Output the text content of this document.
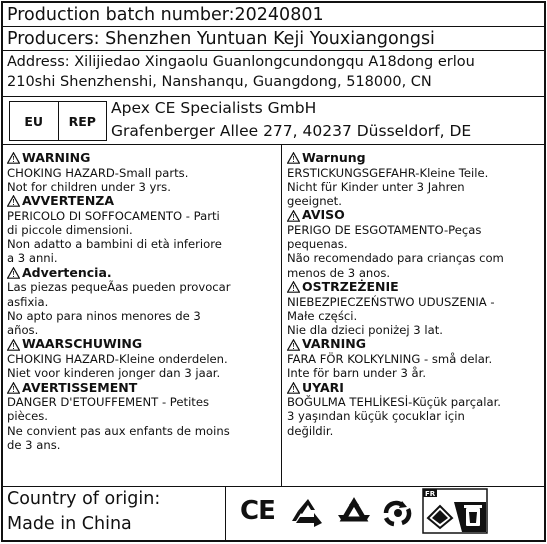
Production batch number:20240801
Producers: Shenzhen Yuntuan Keji Youxiangongsi
Address: Xilijiedao Xingaolu Guanlongcundongqu A18dong erlou
210shi Shenzhenshi, Nanshanqu, Guangdong, 518000, CN
EU	REP
Apex CE Specialists GmbH
Grafenberger Allee 277, 40237 Düsseldorf, DE
WARNING
CHOKING HAZARD-Small parts.
Not for children under 3 yrs.
AVVERTENZA
PERICOLO DI SOFFOCAMENTO - Parti
di piccole dimensioni.
Non adatto a bambini di età inferiore
a 3 anni.
Advertencia.
Las piezas pequeÃas pueden provocar
asfixia.
No apto para ninos menores de 3
años.
WAARSCHUWING
CHOKING HAZARD-Kleine onderdelen.
Niet voor kinderen jonger dan 3 jaar.
AVERTISSEMENT
DANGER D'ETOUFFEMENT - Petites
pièces.
Ne convient pas aux enfants de moins
de 3 ans.
Warnung
ERSTICKUNGSGEFAHR-Kleine Teile.
Nicht für Kinder unter 3 Jahren
geeignet.
AVISO
PERIGO DE ESGOTAMENTO-Peças
pequenas.
Não recomendado para crianças com
menos de 3 anos.
OSTRZEŻENIE
NIEBEZPIECZEŃSTWO UDUSZENIA -
Małe części.
Nie dla dzieci poniżej 3 lat.
VARNING
FARA FÖR KOLKYLNING - små delar.
Inte för barn under 3 år.
UYARI
BOĞULMA TEHLİKESİ-Küçük parçalar.
3 yaşından küçük çocuklar için
değildir.
Country of origin:
Made in China	CE
FR
